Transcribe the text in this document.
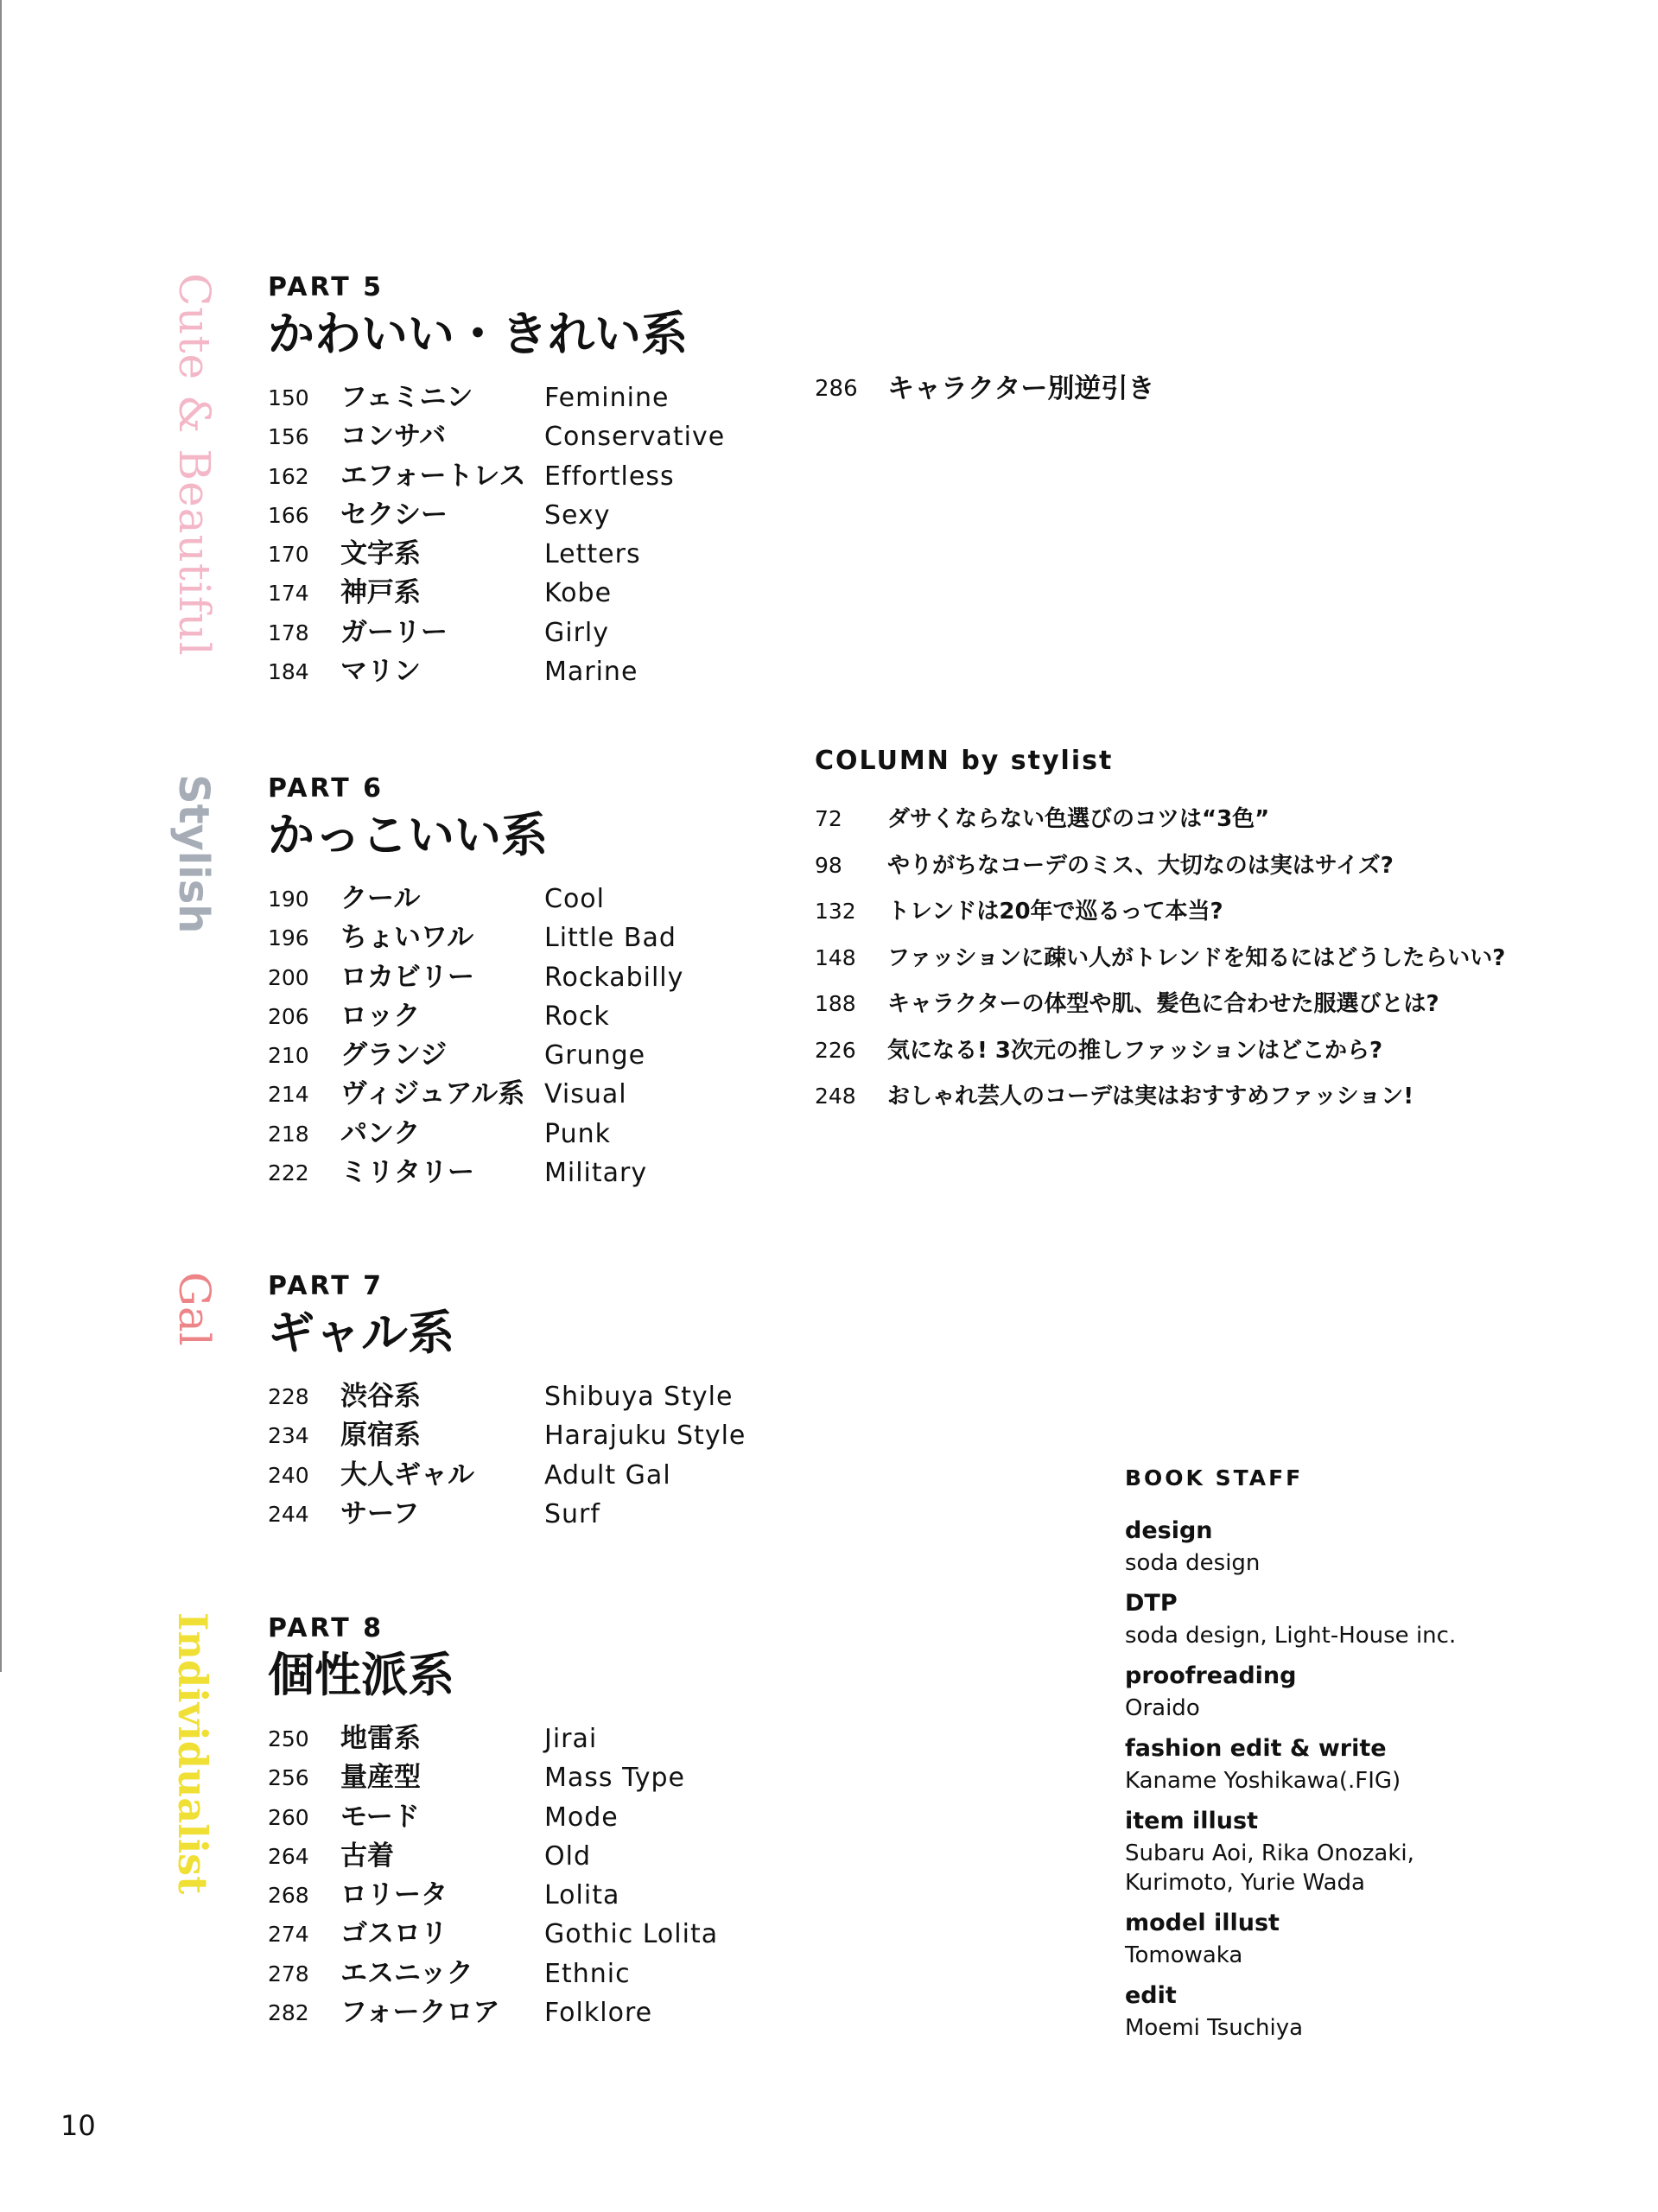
Cute & Beautiful
Stylish
Gal
Individualist
PART 5
かわいい・きれい系
150 フェミニン	Feminine
156 コンサバ	Conservative
162 エフォートレス Effortless
166 セクシー	Sexy
170 文字系	Letters
174 神戸系	Kobe
178 ガーリー	Girly
184 マリン	Marine
PART 6
かっこいい系
190 クール	Cool
196 ちょいワル	Little Bad
200 ロカビリー	Rockabilly
206 ロック	Rock
210 グランジ	Grunge
214 ヴィジュアル系 Visual
218 パンク	Punk
222 ミリタリー	Military
PART 7
ギャル系
228 渋谷系	Shibuya Style
234 原宿系	Harajuku Style
240 大人ギャル	Adult Gal
244 サーフ	Surf
PART 8
個性派系
250 地雷系	Jirai
256 量産型	Mass Type
260 モード	Mode
264 古着	Old
268 ロリータ	Lolita
274 ゴスロリ	Gothic Lolita
278 エスニック	Ethnic
282 フォークロア Folklore
286 キャラクター別逆引き
COLUMN by stylist
72 ダサくならない色選びのコツは“3色”
98 やりがちなコーデのミス、大切なのは実はサイズ?
132 トレンドは20年で巡るって本当?
148 ファッションに疎い人がトレンドを知るにはどうしたらいい?
188 キャラクターの体型や肌、髪色に合わせた服選びとは?
226 気になる! 3次元の推しファッションはどこから?
248 おしゃれ芸人のコーデは実はおすすめファッション!
BOOK STAFF
design
soda design
DTP
soda design, Light-House inc.
proofreading
Oraido
fashion edit & write
Kaname Yoshikawa(.FIG)
item illust
Subaru Aoi, Rika Onozaki,
Kurimoto, Yurie Wada
model illust
Tomowaka
edit
Moemi Tsuchiya
10
